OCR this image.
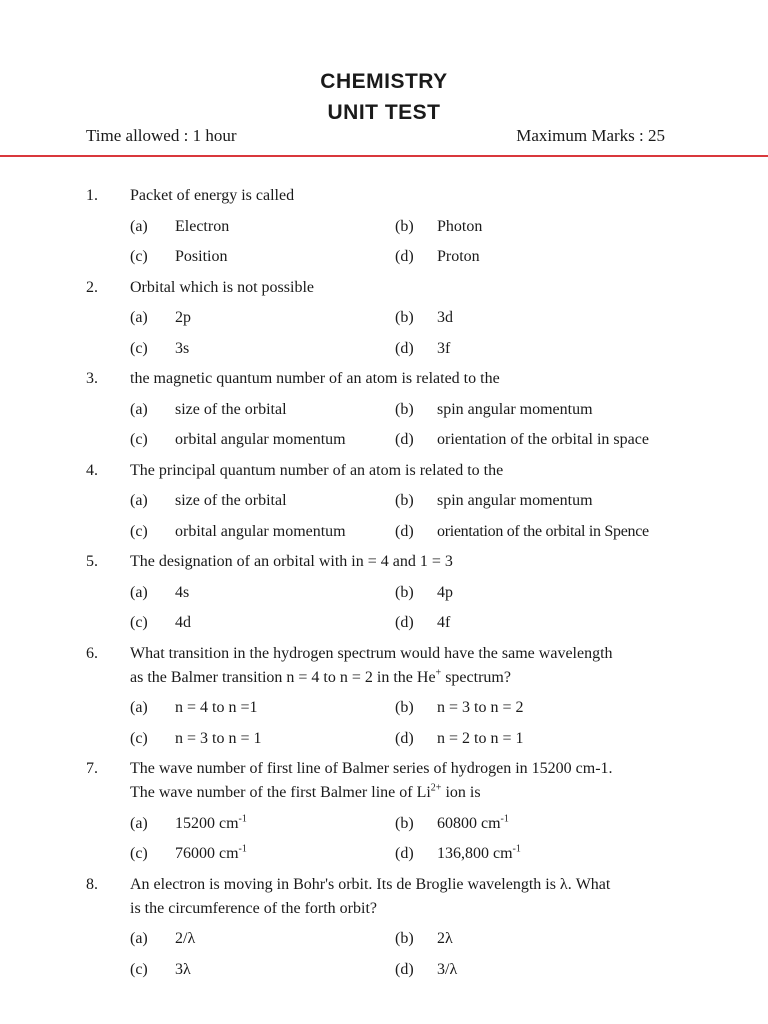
CHEMISTRY
UNIT TEST
Time allowed : 1 hour	Maximum Marks : 25
1.	Packet of energy is called
(a)	Electron	(b)	Photon
(c)	Position	(d)	Proton
2.	Orbital which is not possible
(a)	2p	(b)	3d
(c)	3s	(d)	3f
3.	the magnetic quantum number of an atom is related to the
(a)	size of the orbital	(b)	spin angular momentum
(c)	orbital angular momentum	(d)	orientation of the orbital in space
4.	The principal quantum number of an atom is related to the
(a)	size of the orbital	(b)	spin angular momentum
(c)	orbital angular momentum	(d)	orientation of the orbital in Spence
5.	The designation of an orbital with in = 4 and 1 = 3
(a)	4s	(b)	4p
(c)	4d	(d)	4f
6.	What transition in the hydrogen spectrum would have the same wavelength
as the Balmer transition n = 4 to n = 2 in the He+ spectrum?
(a)	n = 4 to n =1	(b)	n = 3 to n = 2
(c)	n = 3 to n = 1	(d)	n = 2 to n = 1
7.	The wave number of first line of Balmer series of hydrogen in 15200 cm-1.
The wave number of the first Balmer line of $Li^{2+}$ ion is
(a)	15200 $cm^{-1}$	(b)	60800 $cm^{-1}$
(c)	76000 $cm^{-1}$	(d)	136,800 $cm^{-1}$
8.	An electron is moving in Bohr's orbit. Its de Broglie wavelength is λ. What
is the circumference of the forth orbit?
(a)	2/λ	(b)	2λ
(c)	3λ	(d)	3/λ
